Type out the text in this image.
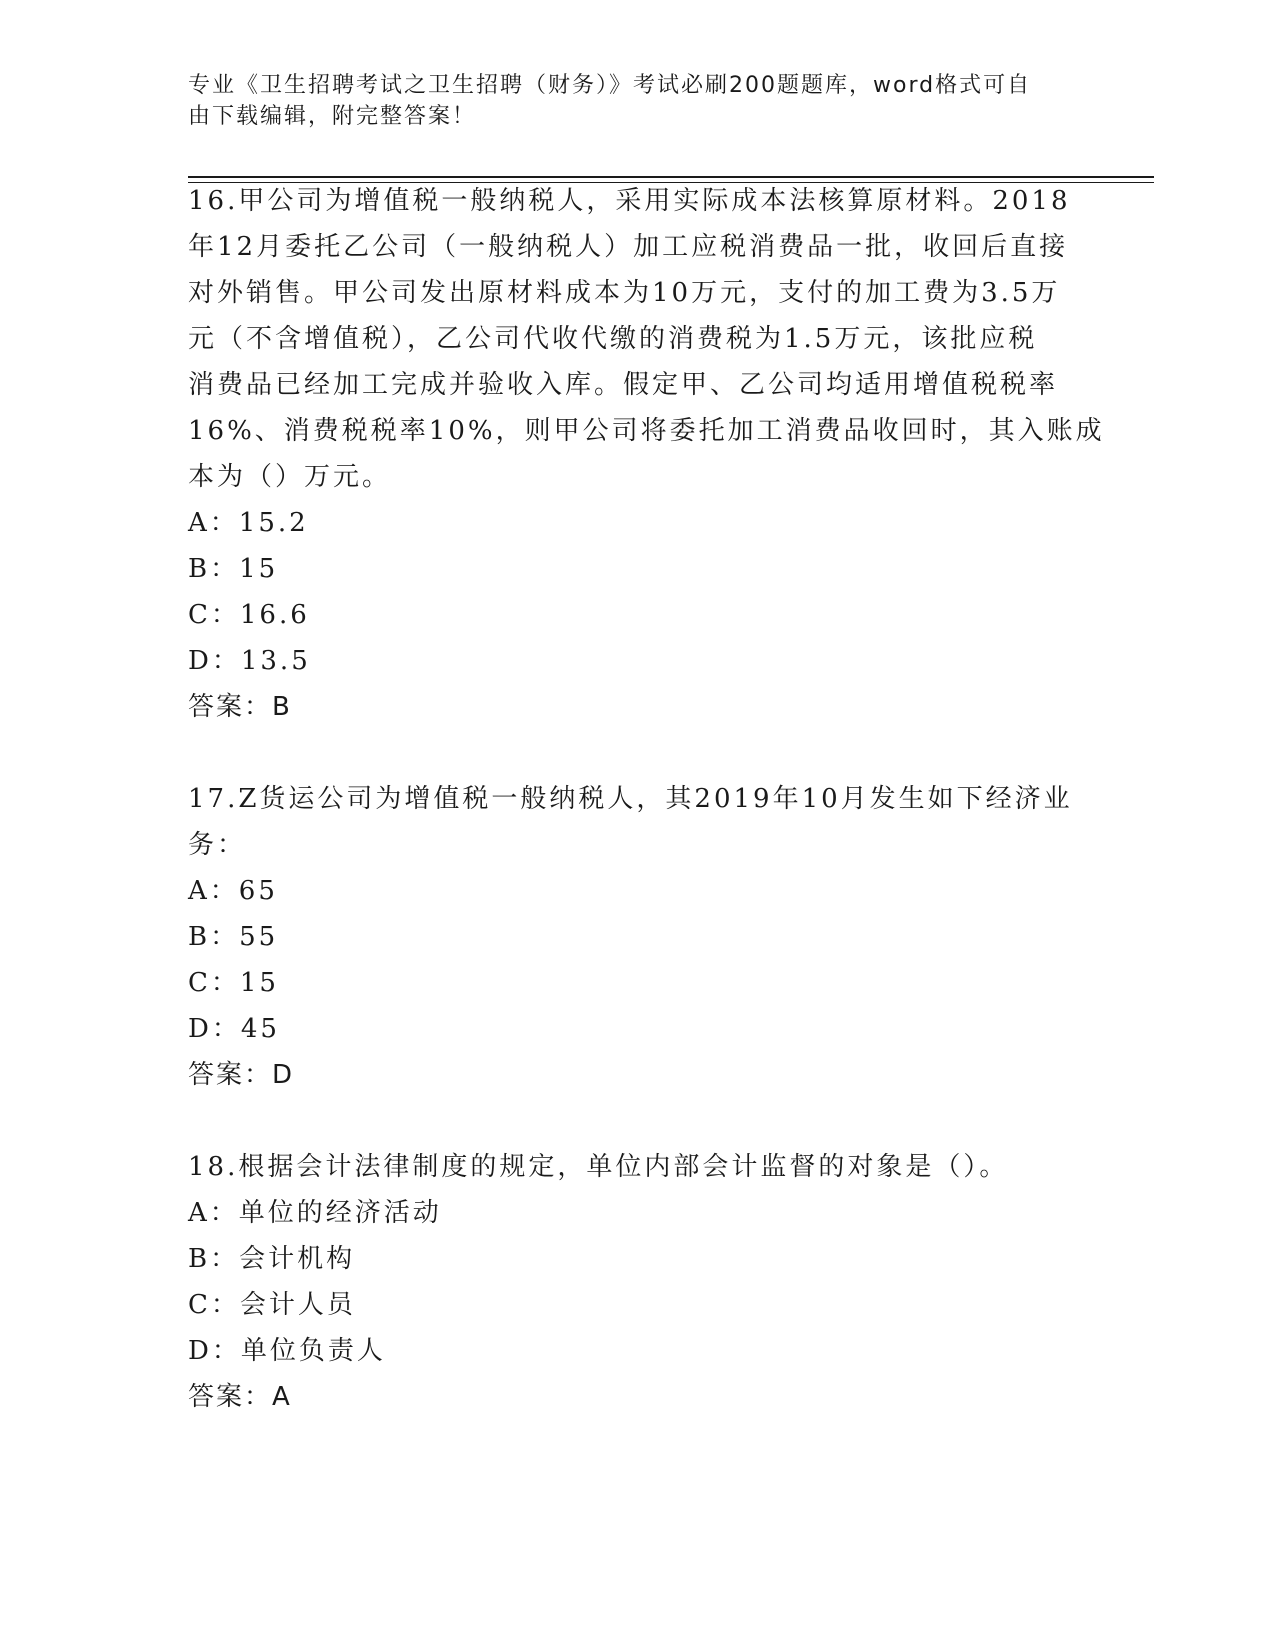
专业《卫生招聘考试之卫生招聘（财务）》考试必刷200题题库，word格式可自
由下载编辑，附完整答案！
16.甲公司为增值税一般纳税人，采用实际成本法核算原材料。2018
年12月委托乙公司（一般纳税人）加工应税消费品一批，收回后直接
对外销售。甲公司发出原材料成本为10万元，支付的加工费为3.5万
元（不含增值税），乙公司代收代缴的消费税为1.5万元，该批应税
消费品已经加工完成并验收入库。假定甲、乙公司均适用增值税税率
16%、消费税税率10%，则甲公司将委托加工消费品收回时，其入账成
本为（）万元。
A：15.2
B：15
C：16.6
D：13.5
答案：B
17.Z货运公司为增值税一般纳税人，其2019年10月发生如下经济业
务：
A：65
B：55
C：15
D：45
答案：D
18.根据会计法律制度的规定，单位内部会计监督的对象是（）。
A：单位的经济活动
B：会计机构
C：会计人员
D：单位负责人
答案：A
